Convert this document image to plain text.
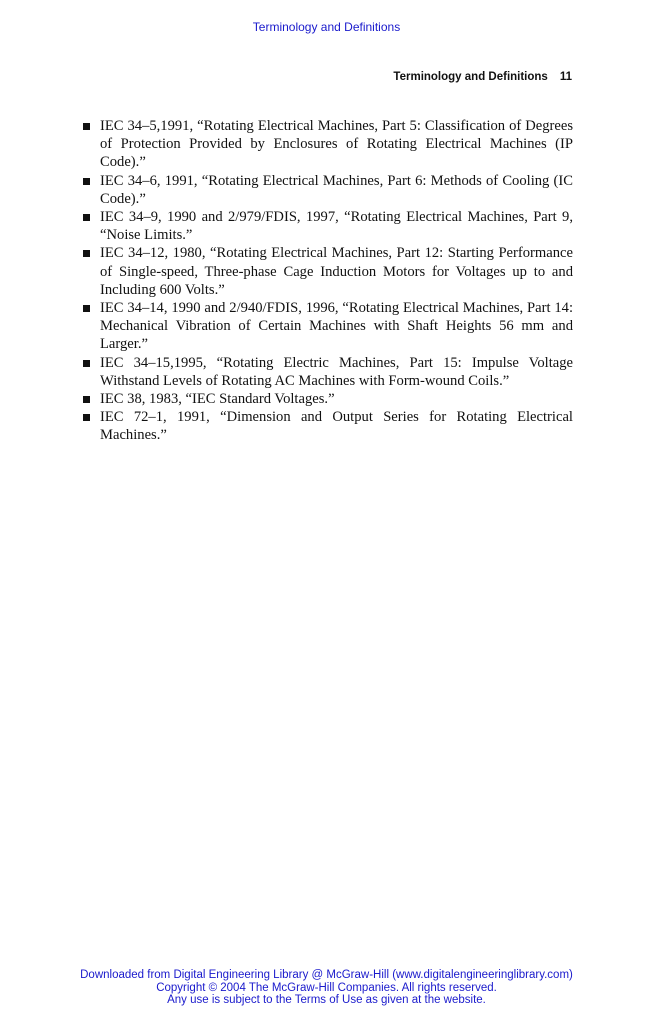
Terminology and Definitions
Terminology and Definitions 11
IEC 34–5,1991, “Rotating Electrical Machines, Part 5: Classification of Degrees of Protection Provided by Enclosures of Rotating Electrical Machines (IP Code).”
IEC 34–6, 1991, “Rotating Electrical Machines, Part 6: Methods of Cooling (IC Code).”
IEC 34–9, 1990 and 2/979/FDIS, 1997, “Rotating Electrical Machines, Part 9, “Noise Limits.”
IEC 34–12, 1980, “Rotating Electrical Machines, Part 12: Starting Performance of Single-speed, Three-phase Cage Induction Motors for Voltages up to and Including 600 Volts.”
IEC 34–14, 1990 and 2/940/FDIS, 1996, “Rotating Electrical Machines, Part 14: Mechanical Vibration of Certain Machines with Shaft Heights 56 mm and Larger.”
IEC 34–15,1995, “Rotating Electric Machines, Part 15: Impulse Voltage Withstand Levels of Rotating AC Machines with Form-wound Coils.”
IEC 38, 1983, “IEC Standard Voltages.”
IEC 72–1, 1991, “Dimension and Output Series for Rotating Electrical Machines.”
Downloaded from Digital Engineering Library @ McGraw-Hill (www.digitalengineeringlibrary.com)
Copyright © 2004 The McGraw-Hill Companies. All rights reserved.
Any use is subject to the Terms of Use as given at the website.
